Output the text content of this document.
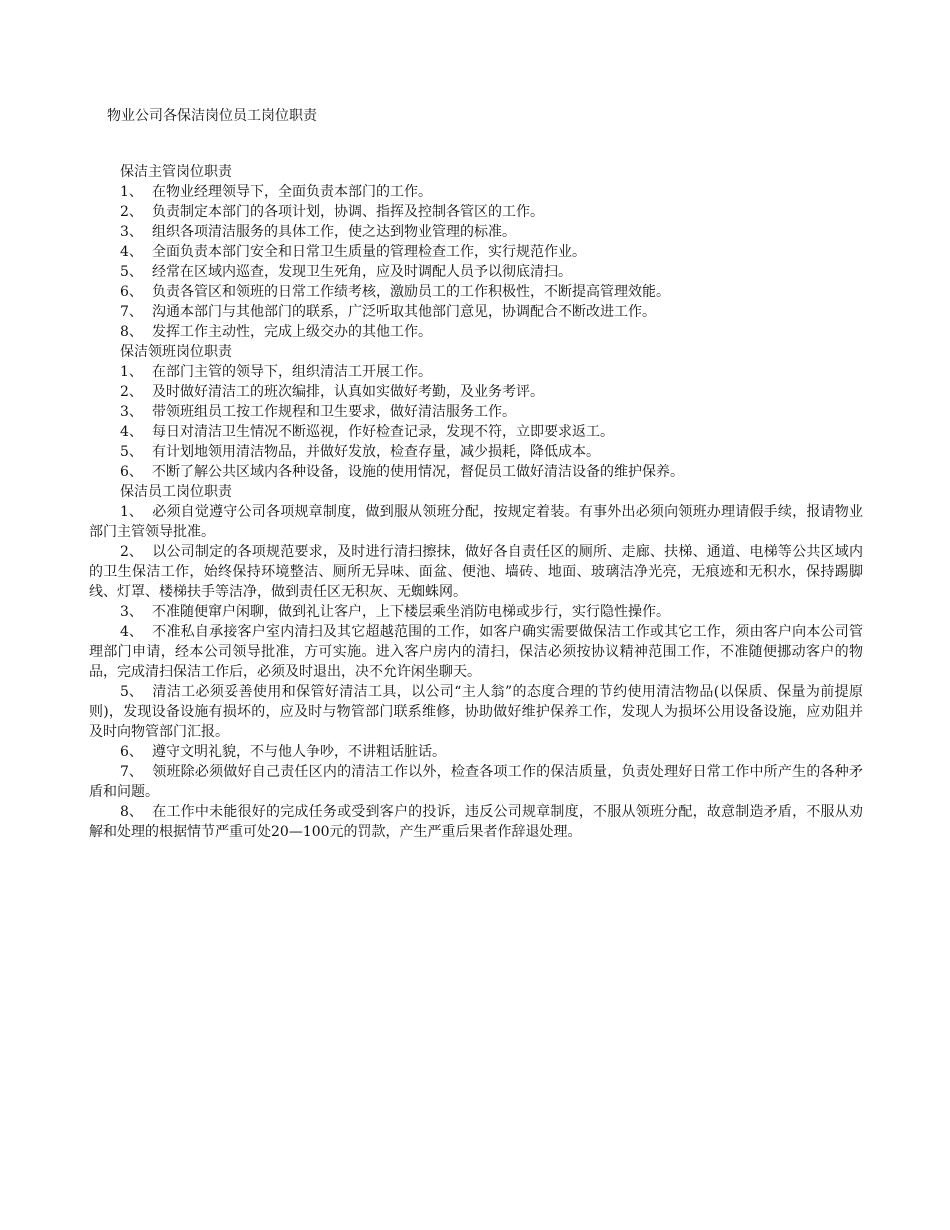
物业公司各保洁岗位员工岗位职责
保洁主管岗位职责
1、 在物业经理领导下，全面负责本部门的工作。
2、 负责制定本部门的各项计划，协调、指挥及控制各管区的工作。
3、 组织各项清洁服务的具体工作，使之达到物业管理的标准。
4、 全面负责本部门安全和日常卫生质量的管理检查工作，实行规范作业。
5、 经常在区域内巡查，发现卫生死角，应及时调配人员予以彻底清扫。
6、 负责各管区和领班的日常工作绩考核，激励员工的工作积极性，不断提高管理效能。
7、 沟通本部门与其他部门的联系，广泛听取其他部门意见，协调配合不断改进工作。
8、 发挥工作主动性，完成上级交办的其他工作。
保洁领班岗位职责
1、 在部门主管的领导下，组织清洁工开展工作。
2、 及时做好清洁工的班次编排，认真如实做好考勤，及业务考评。
3、 带领班组员工按工作规程和卫生要求，做好清洁服务工作。
4、 每日对清洁卫生情况不断巡视，作好检查记录，发现不符，立即要求返工。
5、 有计划地领用清洁物品，并做好发放，检查存量，减少损耗，降低成本。
6、 不断了解公共区域内各种设备，设施的使用情况，督促员工做好清洁设备的维护保养。
保洁员工岗位职责
1、 必须自觉遵守公司各项规章制度，做到服从领班分配，按规定着装。有事外出必须向领班办理请假手续，报请物业部门主管领导批准。
2、 以公司制定的各项规范要求，及时进行清扫擦抹，做好各自责任区的厕所、走廊、扶梯、通道、电梯等公共区域内的卫生保洁工作，始终保持环境整洁、厕所无异味、面盆、便池、墙砖、地面、玻璃洁净光亮，无痕迹和无积水，保持踢脚线、灯罩、楼梯扶手等洁净，做到责任区无积灰、无蜘蛛网。
3、 不准随便窜户闲聊，做到礼让客户，上下楼层乘坐消防电梯或步行，实行隐性操作。
4、 不准私自承接客户室内清扫及其它超越范围的工作，如客户确实需要做保洁工作或其它工作，须由客户向本公司管理部门申请，经本公司领导批准，方可实施。进入客户房内的清扫，保洁必须按协议精神范围工作，不准随便挪动客户的物品，完成清扫保洁工作后，必须及时退出，决不允许闲坐聊天。
5、 清洁工必须妥善使用和保管好清洁工具，以公司“主人翁”的态度合理的节约使用清洁物品(以保质、保量为前提原则)，发现设备设施有损坏的，应及时与物管部门联系维修，协助做好维护保养工作，发现人为损坏公用设备设施，应劝阻并及时向物管部门汇报。
6、 遵守文明礼貌，不与他人争吵，不讲粗话脏话。
7、 领班除必须做好自己责任区内的清洁工作以外，检查各项工作的保洁质量，负责处理好日常工作中所产生的各种矛盾和问题。
8、 在工作中未能很好的完成任务或受到客户的投诉，违反公司规章制度，不服从领班分配，故意制造矛盾，不服从劝解和处理的根据情节严重可处20—100元的罚款，产生严重后果者作辞退处理。
